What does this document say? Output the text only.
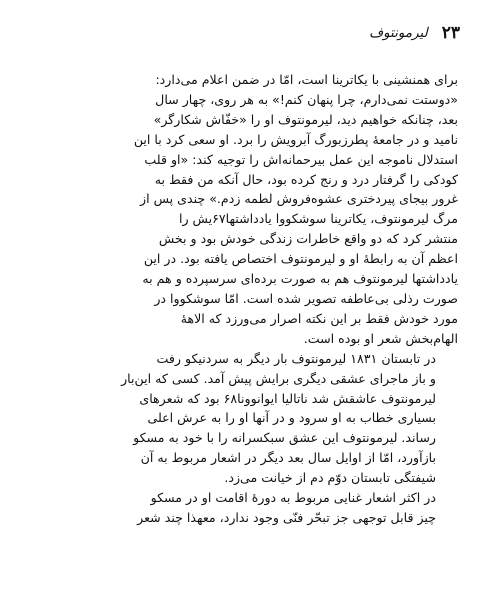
۲۳
لیرمونتوف
برای همنشینی با یکاترینا است، امّا در ضمن اعلام می‌دارد:
«دوستت نمی‌دارم، چرا پنهان کنم!» به هر روی، چهار سال
بعد، چنانکه خواهیم دید، لیرمونتوف او را «خفّاش شکارگر»
نامید و در جامعهٔ پطرزبورگ آبرویش را برد. او سعی کرد با این
استدلال ناموجه این عمل بیرحمانه‌اش را توجیه کند: «او قلب
کودکی را گرفتار درد و رنج کرده بود، حال آنکه من فقط به
غرور بیجای پیردختری عشوه‌فروش لطمه زدم.» چندی پس از
مرگ لیرمونتوف، یکاترینا سوشکووا یادداشتها۶۷یش را
منتشر کرد که دو واقع خاطرات زندگی خودش بود و بخش
اعظم آن به رابطهٔ او و لیرمونتوف اختصاص یافته بود. در این
یادداشتها لیرمونتوف هم به صورت برده‌ای سرسپرده و هم به
صورت رذلی بی‌عاطفه تصویر شده است. امّا سوشکووا در
مورد خودش فقط بر این نکته اصرار می‌ورزد که الاههٔ
الهام‌بخش شعر او بوده است.
در تابستان ۱۸۳۱ لیرمونتوف بار دیگر به سردنیکو رفت
و باز ماجرای عشقی دیگری برایش پیش آمد. کسی که این‌بار
لیرمونتوف عاشقش شد ناتالیا ایوانوونا۶۸ بود که شعرهای
بسیاری خطاب به او سرود و در آنها او را به عرش اعلی
رساند. لیرمونتوف این عشق سبکسرانه را با خود به مسکو
بازآورد، امّا از اوایل سال بعد دیگر در اشعار مربوط به آن
شیفتگی تابستان دوّم دم از خیانت می‌زد.
در اکثر اشعار غنایی مربوط به دورهٔ اقامت او در مسکو
چیز قابل توجهی جز تبحّر فنّی وجود ندارد، معهذا چند شعر
